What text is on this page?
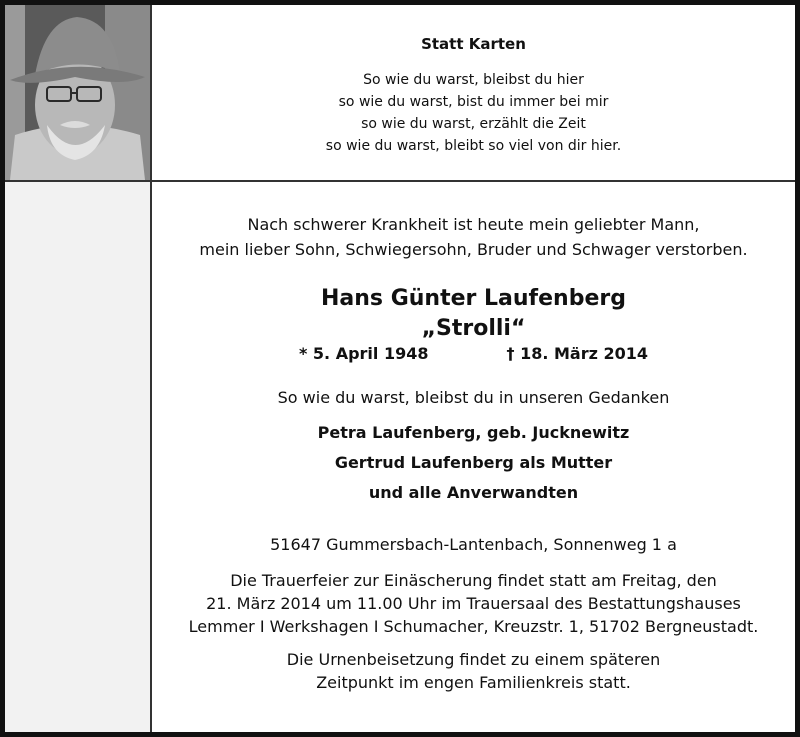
Statt Karten
So wie du warst, bleibst du hier
so wie du warst, bist du immer bei mir
so wie du warst, erzählt die Zeit
so wie du warst, bleibt so viel von dir hier.
Nach schwerer Krankheit ist heute mein geliebter Mann,
mein lieber Sohn, Schwiegersohn, Bruder und Schwager verstorben.
Hans Günter Laufenberg
„Strolli“
* 5. April 1948	† 18. März 2014
So wie du warst, bleibst du in unseren Gedanken
Petra Laufenberg, geb. Jucknewitz
Gertrud Laufenberg als Mutter
und alle Anverwandten
51647 Gummersbach-Lantenbach, Sonnenweg 1 a
Die Trauerfeier zur Einäscherung findet statt am Freitag, den
21. März 2014 um 11.00 Uhr im Trauersaal des Bestattungshauses
Lemmer I Werkshagen I Schumacher, Kreuzstr. 1, 51702 Bergneustadt.
Die Urnenbeisetzung findet zu einem späteren
Zeitpunkt im engen Familienkreis statt.
